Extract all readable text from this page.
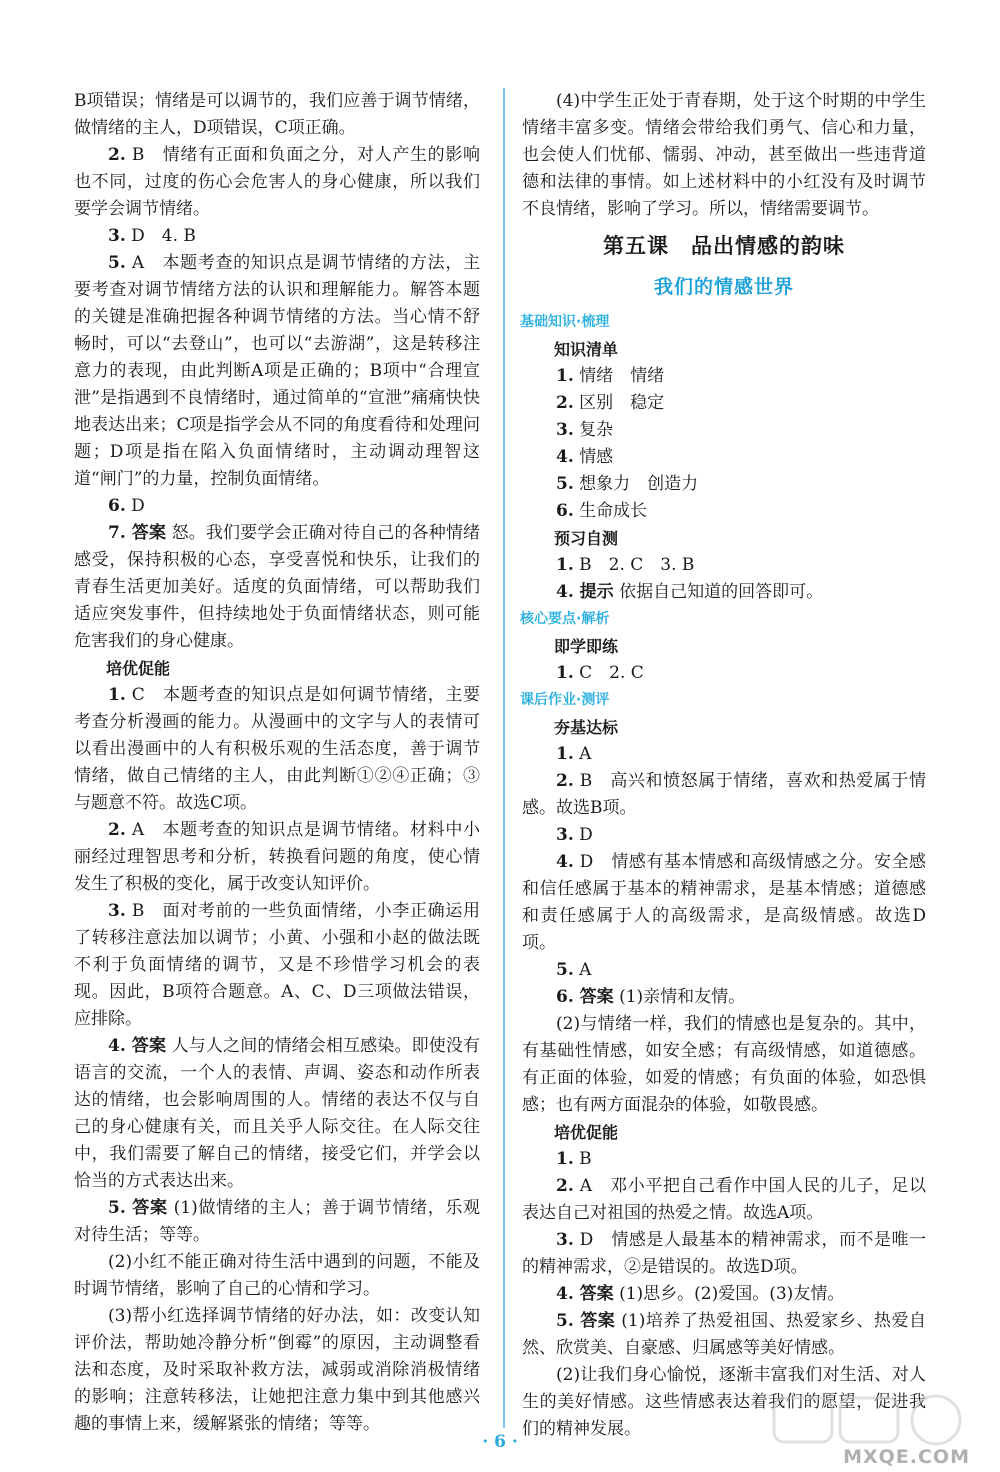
B项错误；情绪是可以调节的，我们应善于调节情绪，做情绪的主人，D项错误，C项正确。

2. B　情绪有正面和负面之分，对人产生的影响也不同，过度的伤心会危害人的身心健康，所以我们要学会调节情绪。

3. D　4. B

5. A　本题考查的知识点是调节情绪的方法，主要考查对调节情绪方法的认识和理解能力。解答本题的关键是准确把握各种调节情绪的方法。当心情不舒畅时，可以“去登山”，也可以“去游湖”，这是转移注意力的表现，由此判断A项是正确的；B项中“合理宣泄”是指遇到不良情绪时，通过简单的“宣泄”痛痛快快地表达出来；C项是指学会从不同的角度看待和处理问题；D项是指在陷入负面情绪时，主动调动理智这道“闸门”的力量，控制负面情绪。

6. D

7. 答案 怒。我们要学会正确对待自己的各种情绪感受，保持积极的心态，享受喜悦和快乐，让我们的青春生活更加美好。适度的负面情绪，可以帮助我们适应突发事件，但持续地处于负面情绪状态，则可能危害我们的身心健康。

培优促能

1. C　本题考查的知识点是如何调节情绪，主要考查分析漫画的能力。从漫画中的文字与人的表情可以看出漫画中的人有积极乐观的生活态度，善于调节情绪，做自己情绪的主人，由此判断①②④正确；③与题意不符。故选C项。

2. A　本题考查的知识点是调节情绪。材料中小丽经过理智思考和分析，转换看问题的角度，使心情发生了积极的变化，属于改变认知评价。

3. B　面对考前的一些负面情绪，小李正确运用了转移注意法加以调节；小黄、小强和小赵的做法既不利于负面情绪的调节，又是不珍惜学习机会的表现。因此，B项符合题意。A、C、D三项做法错误，应排除。

4. 答案 人与人之间的情绪会相互感染。即使没有语言的交流，一个人的表情、声调、姿态和动作所表达的情绪，也会影响周围的人。情绪的表达不仅与自己的身心健康有关，而且关乎人际交往。在人际交往中，我们需要了解自己的情绪，接受它们，并学会以恰当的方式表达出来。

5. 答案 (1)做情绪的主人；善于调节情绪，乐观对待生活；等等。

(2)小红不能正确对待生活中遇到的问题，不能及时调节情绪，影响了自己的心情和学习。

(3)帮小红选择调节情绪的好办法，如：改变认知评价法，帮助她冷静分析“倒霉”的原因，主动调整看法和态度，及时采取补救方法，减弱或消除消极情绪的影响；注意转移法，让她把注意力集中到其他感兴趣的事情上来，缓解紧张的情绪；等等。

(4)中学生正处于青春期，处于这个时期的中学生情绪丰富多变。情绪会带给我们勇气、信心和力量，也会使人们忧郁、懦弱、冲动，甚至做出一些违背道德和法律的事情。如上述材料中的小红没有及时调节不良情绪，影响了学习。所以，情绪需要调节。

第五课　品出情感的韵味
我们的情感世界

基础知识·梳理

知识清单

1. 情绪　情绪

2. 区别　稳定

3. 复杂

4. 情感

5. 想象力　创造力

6. 生命成长

预习自测

1. B　2. C　3. B

4. 提示 依据自己知道的回答即可。

核心要点·解析

即学即练

1. C　2. C

课后作业·测评

夯基达标

1. A

2. B　高兴和愤怒属于情绪，喜欢和热爱属于情感。故选B项。

3. D

4. D　情感有基本情感和高级情感之分。安全感和信任感属于基本的精神需求，是基本情感；道德感和责任感属于人的高级需求，是高级情感。故选D项。

5. A

6. 答案 (1)亲情和友情。

(2)与情绪一样，我们的情感也是复杂的。其中，有基础性情感，如安全感；有高级情感，如道德感。有正面的体验，如爱的情感；有负面的体验，如恐惧感；也有两方面混杂的体验，如敬畏感。

培优促能

1. B

2. A　邓小平把自己看作中国人民的儿子，足以表达自己对祖国的热爱之情。故选A项。

3. D　情感是人最基本的精神需求，而不是唯一的精神需求，②是错误的。故选D项。

4. 答案 (1)思乡。(2)爱国。(3)友情。

5. 答案 (1)培养了热爱祖国、热爱家乡、热爱自然、欣赏美、自豪感、归属感等美好情感。

(2)让我们身心愉悦，逐渐丰富我们对生活、对人生的美好情感。这些情感表达着我们的愿望，促进我们的精神发展。

· 6 ·
MXQE.COM
